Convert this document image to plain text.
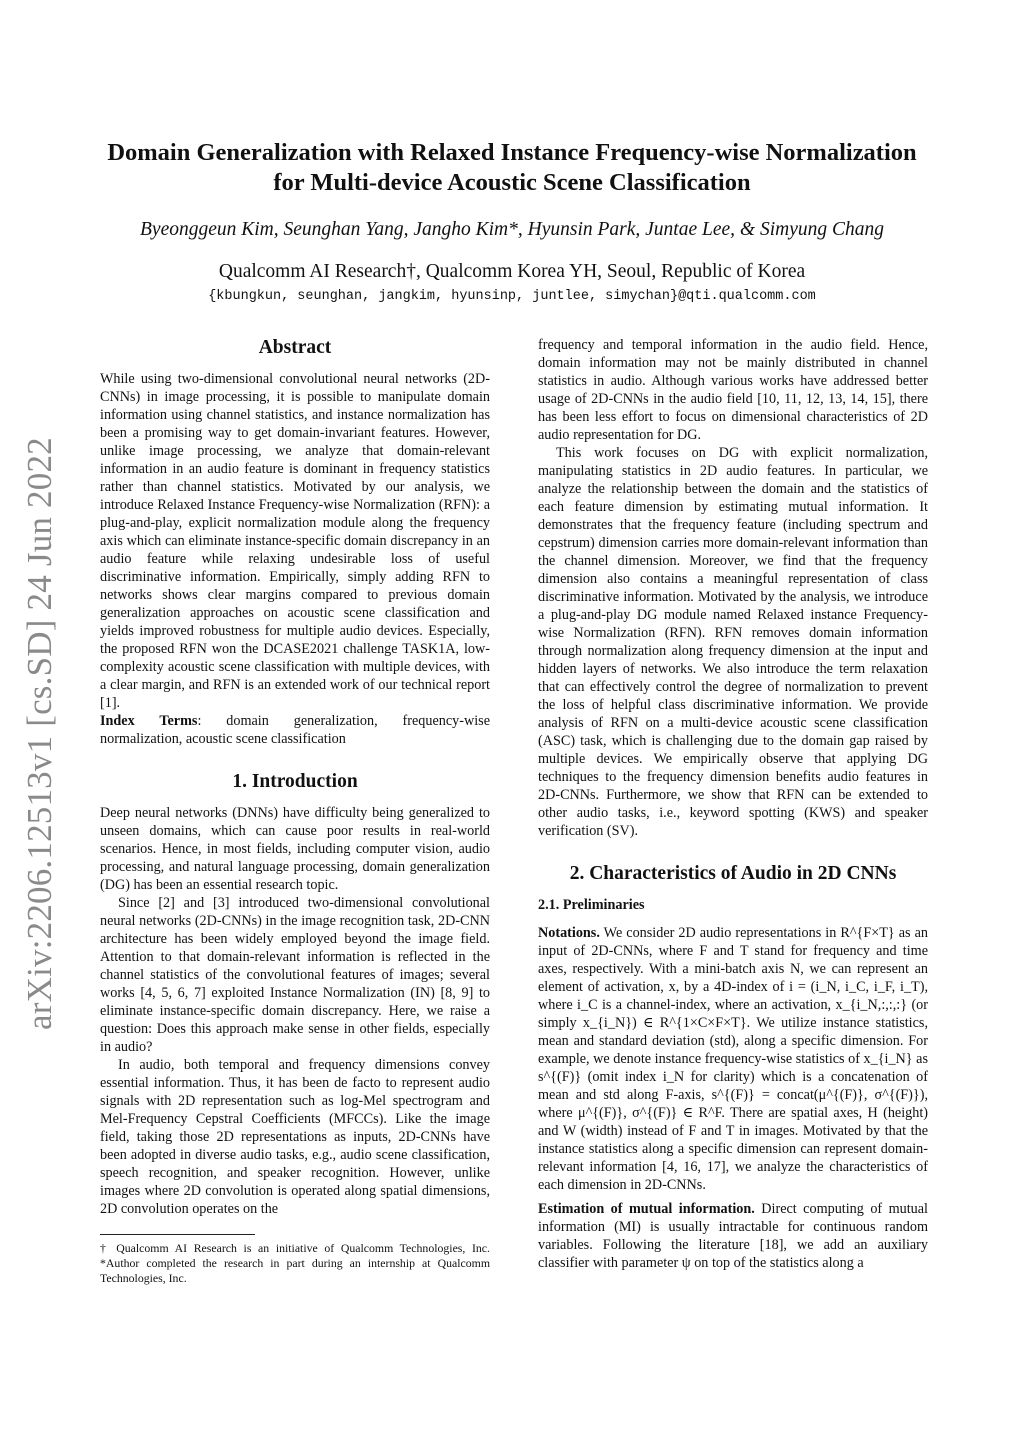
arXiv:2206.12513v1 [cs.SD] 24 Jun 2022
Domain Generalization with Relaxed Instance Frequency-wise Normalization
for Multi-device Acoustic Scene Classification
Byeonggeun Kim, Seunghan Yang, Jangho Kim*, Hyunsin Park, Juntae Lee, & Simyung Chang
Qualcomm AI Research†, Qualcomm Korea YH, Seoul, Republic of Korea
{kbungkun, seunghan, jangkim, hyunsinp, juntlee, simychan}@qti.qualcomm.com
Abstract

While using two-dimensional convolutional neural networks (2D-CNNs) in image processing, it is possible to manipulate domain information using channel statistics, and instance normalization has been a promising way to get domain-invariant features. However, unlike image processing, we analyze that domain-relevant information in an audio feature is dominant in frequency statistics rather than channel statistics. Motivated by our analysis, we introduce Relaxed Instance Frequency-wise Normalization (RFN): a plug-and-play, explicit normalization module along the frequency axis which can eliminate instance-specific domain discrepancy in an audio feature while relaxing undesirable loss of useful discriminative information. Empirically, simply adding RFN to networks shows clear margins compared to previous domain generalization approaches on acoustic scene classification and yields improved robustness for multiple audio devices. Especially, the proposed RFN won the DCASE2021 challenge TASK1A, low-complexity acoustic scene classification with multiple devices, with a clear margin, and RFN is an extended work of our technical report [1].

Index Terms: domain generalization, frequency-wise normalization, acoustic scene classification

1. Introduction

Deep neural networks (DNNs) have difficulty being generalized to unseen domains, which can cause poor results in real-world scenarios. Hence, in most fields, including computer vision, audio processing, and natural language processing, domain generalization (DG) has been an essential research topic.

Since [2] and [3] introduced two-dimensional convolutional neural networks (2D-CNNs) in the image recognition task, 2D-CNN architecture has been widely employed beyond the image field. Attention to that domain-relevant information is reflected in the channel statistics of the convolutional features of images; several works [4, 5, 6, 7] exploited Instance Normalization (IN) [8, 9] to eliminate instance-specific domain discrepancy. Here, we raise a question: Does this approach make sense in other fields, especially in audio?

In audio, both temporal and frequency dimensions convey essential information. Thus, it has been de facto to represent audio signals with 2D representation such as log-Mel spectrogram and Mel-Frequency Cepstral Coefficients (MFCCs). Like the image field, taking those 2D representations as inputs, 2D-CNNs have been adopted in diverse audio tasks, e.g., audio scene classification, speech recognition, and speaker recognition. However, unlike images where 2D convolution is operated along spatial dimensions, 2D convolution operates on the

† Qualcomm AI Research is an initiative of Qualcomm Technologies, Inc. *Author completed the research in part during an internship at Qualcomm Technologies, Inc.

frequency and temporal information in the audio field. Hence, domain information may not be mainly distributed in channel statistics in audio. Although various works have addressed better usage of 2D-CNNs in the audio field [10, 11, 12, 13, 14, 15], there has been less effort to focus on dimensional characteristics of 2D audio representation for DG.

This work focuses on DG with explicit normalization, manipulating statistics in 2D audio features. In particular, we analyze the relationship between the domain and the statistics of each feature dimension by estimating mutual information. It demonstrates that the frequency feature (including spectrum and cepstrum) dimension carries more domain-relevant information than the channel dimension. Moreover, we find that the frequency dimension also contains a meaningful representation of class discriminative information. Motivated by the analysis, we introduce a plug-and-play DG module named Relaxed instance Frequency-wise Normalization (RFN). RFN removes domain information through normalization along frequency dimension at the input and hidden layers of networks. We also introduce the term relaxation that can effectively control the degree of normalization to prevent the loss of helpful class discriminative information. We provide analysis of RFN on a multi-device acoustic scene classification (ASC) task, which is challenging due to the domain gap raised by multiple devices. We empirically observe that applying DG techniques to the frequency dimension benefits audio features in 2D-CNNs. Furthermore, we show that RFN can be extended to other audio tasks, i.e., keyword spotting (KWS) and speaker verification (SV).

2. Characteristics of Audio in 2D CNNs
2.1. Preliminaries

Notations. We consider 2D audio representations in R^{F×T} as an input of 2D-CNNs, where F and T stand for frequency and time axes, respectively. With a mini-batch axis N, we can represent an element of activation, x, by a 4D-index of i = (i_N, i_C, i_F, i_T), where i_C is a channel-index, where an activation, x_{i_N,:,:,:} (or simply x_{i_N}) ∈ R^{1×C×F×T}. We utilize instance statistics, mean and standard deviation (std), along a specific dimension. For example, we denote instance frequency-wise statistics of x_{i_N} as s^{(F)} (omit index i_N for clarity) which is a concatenation of mean and std along F-axis, s^{(F)} = concat(μ^{(F)}, σ^{(F)}), where μ^{(F)}, σ^{(F)} ∈ R^F. There are spatial axes, H (height) and W (width) instead of F and T in images. Motivated by that the instance statistics along a specific dimension can represent domain-relevant information [4, 16, 17], we analyze the characteristics of each dimension in 2D-CNNs.

Estimation of mutual information. Direct computing of mutual information (MI) is usually intractable for continuous random variables. Following the literature [18], we add an auxiliary classifier with parameter ψ on top of the statistics along a
